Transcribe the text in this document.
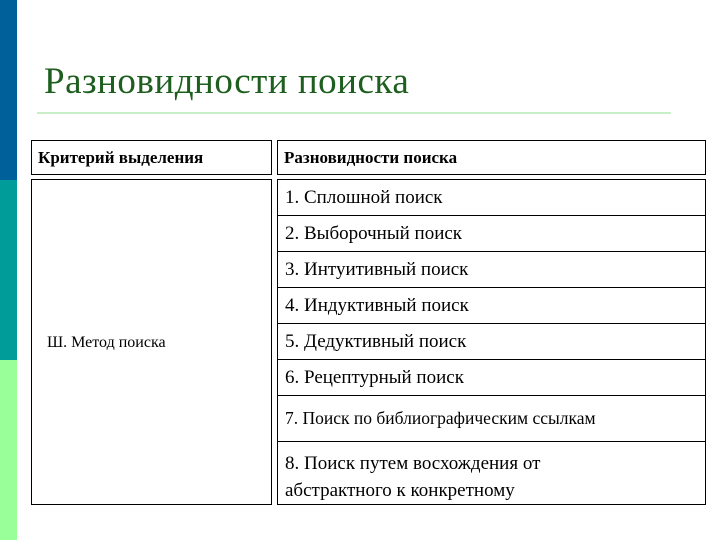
Разновидности поиска
Критерий выделения	Разновидности поиска
Ш. Метод поиска
1. Сплошной поиск
2. Выборочный поиск
3. Интуитивный поиск
4. Индуктивный поиск
5. Дедуктивный поиск
6. Рецептурный поиск
7. Поиск по библиографическим ссылкам
8. Поиск путем восхождения от абстрактного к конкретному
